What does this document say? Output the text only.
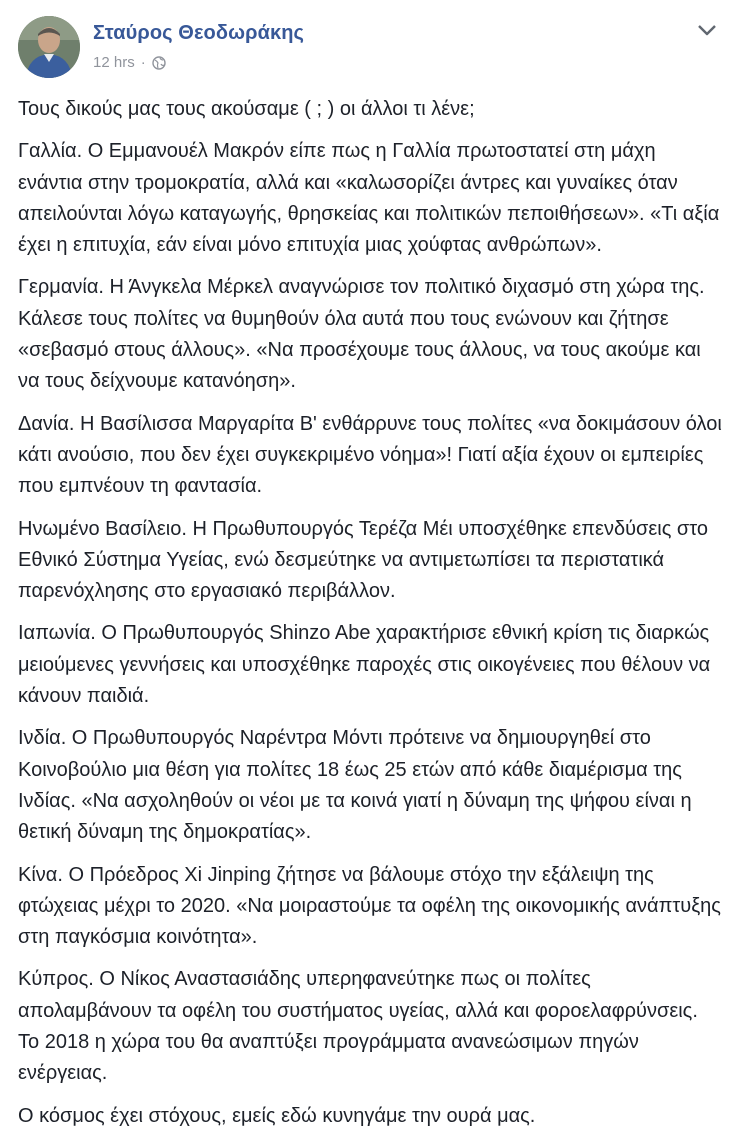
Σταύρος Θεοδωράκης
12 hrs ·

Τους δικούς μας τους ακούσαμε ( ; ) οι άλλοι τι λένε;

Γαλλία. Ο Εμμανουέλ Μακρόν είπε πως η Γαλλία πρωτοστατεί στη μάχη ενάντια στην τρομοκρατία, αλλά και «καλωσορίζει άντρες και γυναίκες όταν απειλούνται λόγω καταγωγής, θρησκείας και πολιτικών πεποιθήσεων». «Τι αξία έχει η επιτυχία, εάν είναι μόνο επιτυχία μιας χούφτας ανθρώπων».

Γερμανία. Η Άνγκελα Μέρκελ αναγνώρισε τον πολιτικό διχασμό στη χώρα της. Κάλεσε τους πολίτες να θυμηθούν όλα αυτά που τους ενώνουν και ζήτησε «σεβασμό στους άλλους». «Να προσέχουμε τους άλλους, να τους ακούμε και να τους δείχνουμε κατανόηση».

Δανία. Η Βασίλισσα Μαργαρίτα Β' ενθάρρυνε τους πολίτες «να δοκιμάσουν όλοι κάτι ανούσιο, που δεν έχει συγκεκριμένο νόημα»! Γιατί αξία έχουν οι εμπειρίες που εμπνέουν τη φαντασία.

Ηνωμένο Βασίλειο. Η Πρωθυπουργός Τερέζα Μέι υποσχέθηκε επενδύσεις στο Εθνικό Σύστημα Υγείας, ενώ δεσμεύτηκε να αντιμετωπίσει τα περιστατικά παρενόχλησης στο εργασιακό περιβάλλον.

Ιαπωνία. Ο Πρωθυπουργός Shinzo Abe χαρακτήρισε εθνική κρίση τις διαρκώς μειούμενες γεννήσεις και υποσχέθηκε παροχές στις οικογένειες που θέλουν να κάνουν παιδιά.

Ινδία. Ο Πρωθυπουργός Ναρέντρα Μόντι πρότεινε να δημιουργηθεί στο Κοινοβούλιο μια θέση για πολίτες 18 έως 25 ετών από κάθε διαμέρισμα της Ινδίας. «Να ασχοληθούν οι νέοι με τα κοινά γιατί η δύναμη της ψήφου είναι η θετική δύναμη της δημοκρατίας».

Κίνα. Ο Πρόεδρος Xi Jinping ζήτησε να βάλουμε στόχο την εξάλειψη της φτώχειας μέχρι το 2020. «Να μοιραστούμε τα οφέλη της οικονομικής ανάπτυξης στη παγκόσμια κοινότητα».

Κύπρος. Ο Νίκος Αναστασιάδης υπερηφανεύτηκε πως οι πολίτες απολαμβάνουν τα οφέλη του συστήματος υγείας, αλλά και φοροελαφρύνσεις. Το 2018 η χώρα του θα αναπτύξει προγράμματα ανανεώσιμων πηγών ενέργειας.

Ο κόσμος έχει στόχους, εμείς εδώ κυνηγάμε την ουρά μας.
